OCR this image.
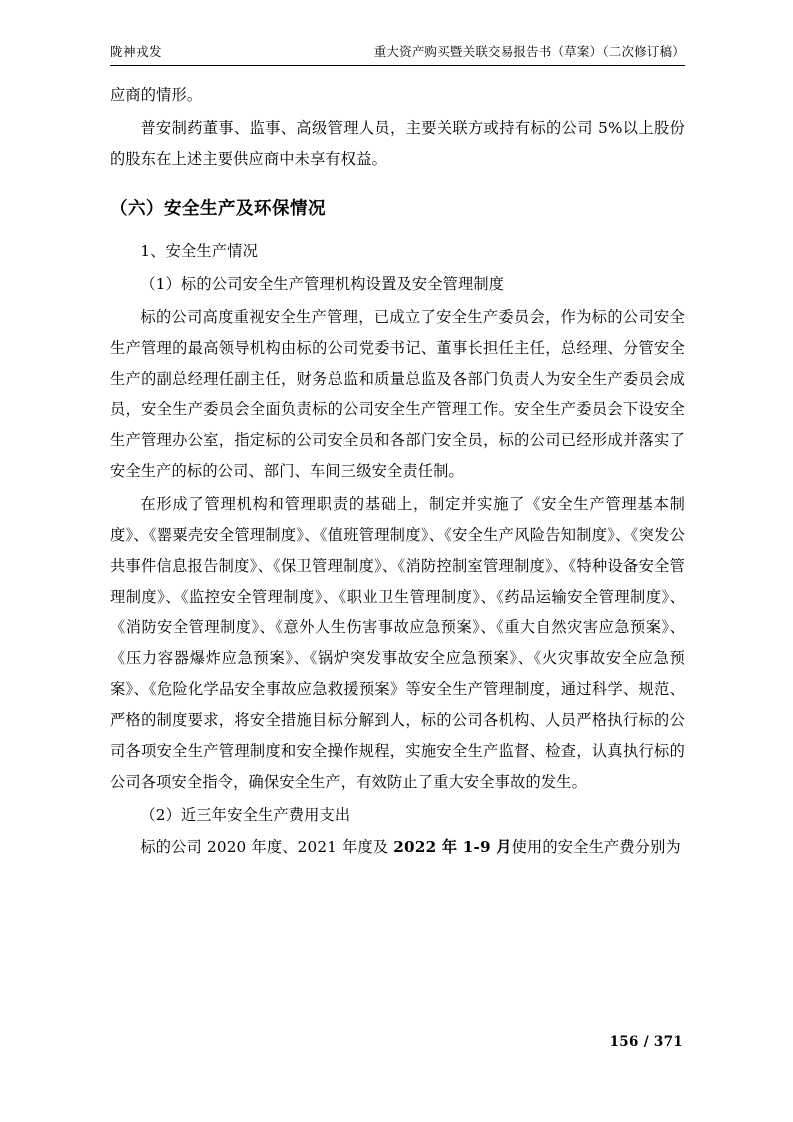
陇神戎发	重大资产购买暨关联交易报告书（草案）（二次修订稿）

应商的情形。

普安制药董事、监事、高级管理人员，主要关联方或持有标的公司 5%以上股份的股东在上述主要供应商中未享有权益。

（六）安全生产及环保情况

1、安全生产情况

（1）标的公司安全生产管理机构设置及安全管理制度

标的公司高度重视安全生产管理，已成立了安全生产委员会，作为标的公司安全生产管理的最高领导机构由标的公司党委书记、董事长担任主任，总经理、分管安全生产的副总经理任副主任，财务总监和质量总监及各部门负责人为安全生产委员会成员，安全生产委员会全面负责标的公司安全生产管理工作。安全生产委员会下设安全生产管理办公室，指定标的公司安全员和各部门安全员，标的公司已经形成并落实了安全生产的标的公司、部门、车间三级安全责任制。

在形成了管理机构和管理职责的基础上，制定并实施了《安全生产管理基本制度》、《罂粟壳安全管理制度》、《值班管理制度》、《安全生产风险告知制度》、《突发公共事件信息报告制度》、《保卫管理制度》、《消防控制室管理制度》、《特种设备安全管理制度》、《监控安全管理制度》、《职业卫生管理制度》、《药品运输安全管理制度》、《消防安全管理制度》、《意外人生伤害事故应急预案》、《重大自然灾害应急预案》、《压力容器爆炸应急预案》、《锅炉突发事故安全应急预案》、《火灾事故安全应急预案》、《危险化学品安全事故应急救援预案》等安全生产管理制度，通过科学、规范、严格的制度要求，将安全措施目标分解到人，标的公司各机构、人员严格执行标的公司各项安全生产管理制度和安全操作规程，实施安全生产监督、检查，认真执行标的公司各项安全指令，确保安全生产，有效防止了重大安全事故的发生。

（2）近三年安全生产费用支出

标的公司 2020 年度、2021 年度及 2022 年 1-9 月使用的安全生产费分别为

156 / 371
